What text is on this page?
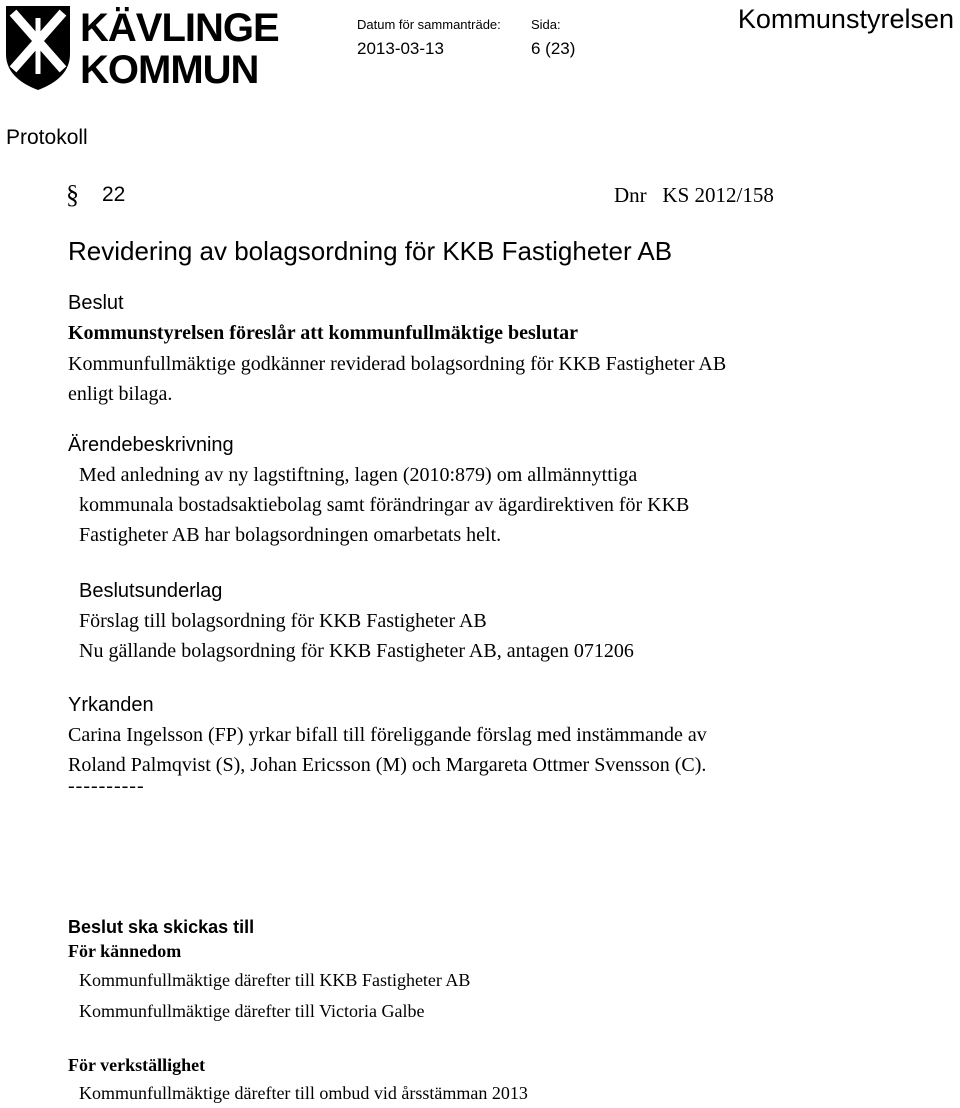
KÄVLINGE
KOMMUN
Datum för sammanträde:
2013-03-13
Sida:
6 (23)
Kommunstyrelsen
Protokoll
§ 22	Dnr   KS 2012/158
Revidering av bolagsordning för KKB Fastigheter AB
Beslut
Kommunstyrelsen föreslår att kommunfullmäktige beslutar
Kommunfullmäktige godkänner reviderad bolagsordning för KKB Fastigheter AB
enligt bilaga.
Ärendebeskrivning
Med anledning av ny lagstiftning, lagen (2010:879) om allmännyttiga
kommunala bostadsaktiebolag samt förändringar av ägardirektiven för KKB
Fastigheter AB har bolagsordningen omarbetats helt.
Beslutsunderlag
Förslag till bolagsordning för KKB Fastigheter AB
Nu gällande bolagsordning för KKB Fastigheter AB, antagen 071206
Yrkanden
Carina Ingelsson (FP) yrkar bifall till föreliggande förslag med instämmande av
Roland Palmqvist (S), Johan Ericsson (M) och Margareta Ottmer Svensson (C).
----------
Beslut ska skickas till
För kännedom
Kommunfullmäktige därefter till KKB Fastigheter AB
Kommunfullmäktige därefter till Victoria Galbe
För verkställighet
Kommunfullmäktige därefter till ombud vid årsstämman 2013
